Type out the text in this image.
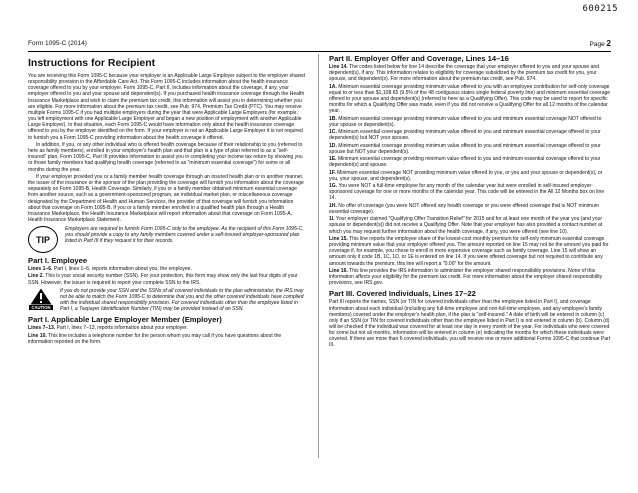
600215
Form 1095-C (2014)	Page 2
Instructions for Recipient

You are receiving this Form 1095-C because your employer is an Applicable Large Employer subject to the employer shared responsibility provision in the Affordable Care Act. This Form 1095-C includes information about the health insurance coverage offered to you by your employer. Form 1095-C, Part II, includes information about the coverage, if any, your employer offered to you and your spouse and dependent(s). If you purchased health insurance coverage through the Health Insurance Marketplace and wish to claim the premium tax credit, this information will assist you in determining whether you are eligible. For more information about the premium tax credit, see Pub. 974, Premium Tax Credit (PTC). You may receive multiple Forms 1095-C if you had multiple employers during the year that were Applicable Large Employers (for example, you left employment with one Applicable Large Employer and began a new position of employment with another Applicable Large Employer). In that situation, each Form 1095-C would have information only about the health insurance coverage offered to you by the employer identified on the form. If your employer is not an Applicable Large Employer it is not required to furnish you a Form 1095-C providing information about the health coverage it offered.

In addition, if you, or any other individual who is offered health coverage because of their relationship to you (referred to here as family members), enrolled in your employer's health plan and that plan is a type of plan referred to as a "self-insured" plan, Form 1095-C, Part III provides information to assist you in completing your income tax return by showing you or those family members had qualifying health coverage (referred to as "minimum essential coverage") for some or all months during the year.

If your employer provided you or a family member health coverage through an insured health plan or in another manner, the issuer of the insurance or the sponsor of the plan providing the coverage will furnish you information about the coverage separately on Form 1095-B, Health Coverage. Similarly, if you or a family member obtained minimum essential coverage from another source, such as a government-sponsored program, an individual market plan, or miscellaneous coverage designated by the Department of Health and Human Services, the provider of that coverage will furnish you information about that coverage on Form 1095-B. If you or a family member enrolled in a qualified health plan through a Health Insurance Marketplace, the Health Insurance Marketplace will report information about that coverage on Form 1095-A, Health Insurance Marketplace Statement.

TIP
Employers are required to furnish Form 1095-C only to the employee. As the recipient of this Form 1095-C, you should provide a copy to any family members covered under a self-insured employer-sponsored plan listed in Part III if they request it for their records.
Part I. Employee

Lines 1–6. Part I, lines 1–6, reports information about you, the employee.

Line 2. This is your social security number (SSN). For your protection, this form may show only the last four digits of your SSN. However, the issuer is required to report your complete SSN to the IRS.

CAUTION
If you do not provide your SSN and the SSNs of all covered individuals to the plan administrator, the IRS may not be able to match the Form 1095-C to determine that you and the other covered individuals have complied with the individual shared responsibility provision. For covered individuals other than the employee listed in Part I, a Taxpayer Identification Number (TIN) may be provided instead of an SSN.
Part I. Applicable Large Employer Member (Employer)

Lines 7–13. Part I, lines 7–13, reports information about your employer.

Line 10. This line includes a telephone number for the person whom you may call if you have questions about the information reported on the form.

Part II. Employer Offer and Coverage, Lines 14–16

Line 14. The codes listed below for line 14 describe the coverage that your employer offered to you and your spouse and dependent(s), if any. This information relates to eligibility for coverage subsidized by the premium tax credit for you, your spouse, and dependent(s). For more information about the premium tax credit, see Pub. 974.

1A. Minimum essential coverage providing minimum value offered to you with an employee contribution for self-only coverage equal to or less than $1,108.65 (9.5% of the 48 contiguous states single federal poverty line) and minimum essential coverage offered to your spouse and dependent(s) (referred to here as a Qualifying Offer). This code may be used to report for specific months for which a Qualifying Offer was made, even if you did not receive a Qualifying Offer for all 12 months of the calendar year.

1B. Minimum essential coverage providing minimum value offered to you and minimum essential coverage NOT offered to your spouse or dependent(s).

1C. Minimum essential coverage providing minimum value offered to you and minimum essential coverage offered to your dependent(s) but NOT your spouse.

1D. Minimum essential coverage providing minimum value offered to you and minimum essential coverage offered to your spouse but NOT your dependent(s).

1E. Minimum essential coverage providing minimum value offered to you and minimum essential coverage offered to your dependent(s) and spouse.

1F. Minimum essential coverage NOT providing minimum value offered to you, or you and your spouse or dependent(s), or you, your spouse, and dependent(s).

1G. You were NOT a full-time employee for any month of the calendar year but were enrolled in self-insured employer-sponsored coverage for one or more months of the calendar year. This code will be entered in the All 12 Months box on line 14.

1H. No offer of coverage (you were NOT offered any health coverage or you were offered coverage that is NOT minimum essential coverage).

1I. Your employer claimed "Qualifying Offer Transition Relief" for 2015 and for at least one month of the year you (and your spouse or dependent(s)) did not receive a Qualifying Offer. Note that your employer has also provided a contact number at which you may request further information about the health coverage, if any, you were offered (see line 10).

Line 15. This line reports the employee share of the lowest-cost monthly premium for self-only minimum essential coverage providing minimum value that your employer offered you. The amount reported on line 15 may not be the amount you paid for coverage if, for example, you chose to enroll in more expensive coverage such as family coverage. Line 15 will show an amount only if code 1B, 1C, 1D, or 1E is entered on line 14. If you were offered coverage but not required to contribute any amount towards the premium, this line will report a "0.00" for the amount.

Line 16. This line provides the IRS information to administer the employer shared responsibility provisions. None of this information affects your eligibility for the premium tax credit. For more information about the employer shared responsibility provisions, see IRS.gov.

Part III. Covered Individuals, Lines 17–22

Part III reports the names, SSN (or TIN for covered individuals other than the employee listed in Part I), and coverage information about each individual (including any full-time employee and non-full-time employee, and any employee's family members) covered under the employer's health plan, if the plan is "self-insured." A date of birth will be entered in column (c) only if an SSN (or TIN for covered individuals other than the employee listed in Part I) is not entered in column (b). Column (d) will be checked if the individual was covered for at least one day in every month of the year. For individuals who were covered for some but not all months, information will be entered in column (e) indicating the months for which these individuals were covered. If there are more than 6 covered individuals, you will receive one or more additional Forms 1095-C that continue Part III.
